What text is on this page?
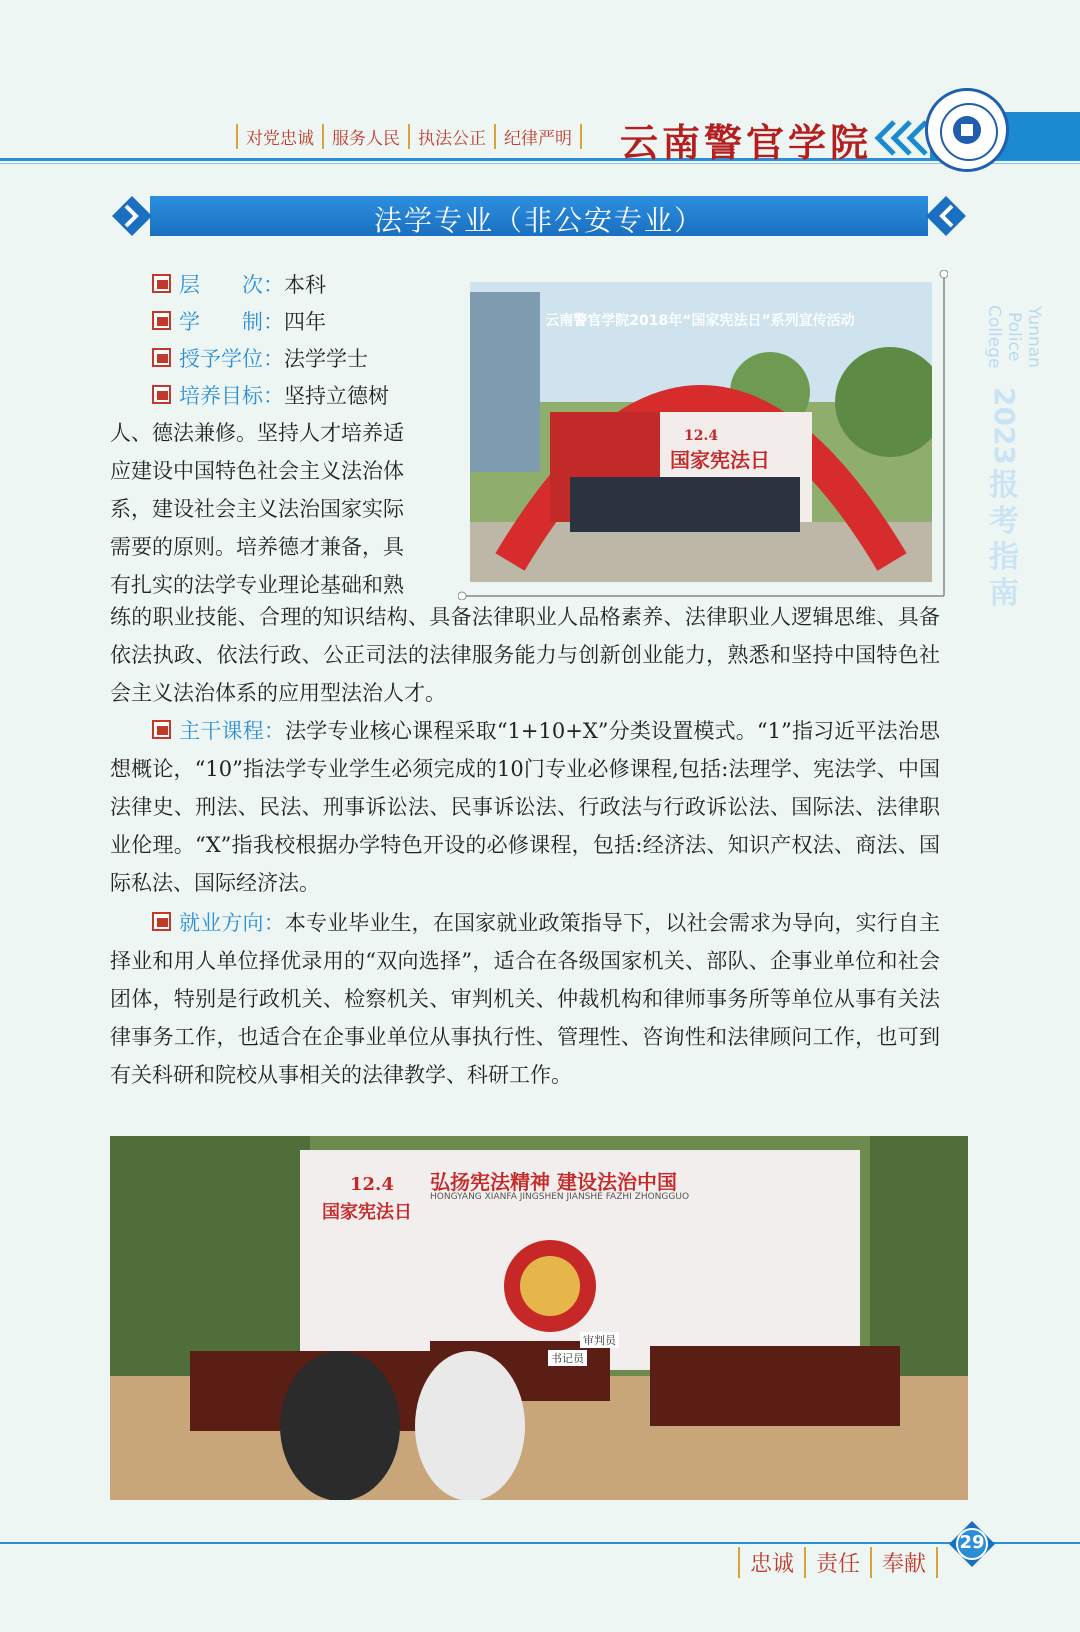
对党忠诚	服务人民	执法公正	纪律严明 云南警官学院
Yunnan Police College
2023
报
考
指
南
法学专业（非公安专业）
层　　次：本科
学　　制：四年
授予学位：法学学士
培养目标：坚持立德树
人、德法兼修。坚持人才培养适
应建设中国特色社会主义法治体
系，建设社会主义法治国家实际
需要的原则。培养德才兼备，具
有扎实的法学专业理论基础和熟
云南警官学院2018年“国家宪法日”系列宣传活动
12.4
国家宪法日
练的职业技能、合理的知识结构、具备法律职业人品格素养、法律职业人逻辑思维、具备依法执政、依法行政、公正司法的法律服务能力与创新创业能力，熟悉和坚持中国特色社会主义法治体系的应用型法治人才。
主干课程：法学专业核心课程采取“1+10+X”分类设置模式。“1”指习近平法治思想概论，“10”指法学专业学生必须完成的10门专业必修课程,包括:法理学、宪法学、中国法律史、刑法、民法、刑事诉讼法、民事诉讼法、行政法与行政诉讼法、国际法、法律职业伦理。“X”指我校根据办学特色开设的必修课程，包括:经济法、知识产权法、商法、国际私法、国际经济法。
就业方向：本专业毕业生，在国家就业政策指导下，以社会需求为导向，实行自主择业和用人单位择优录用的“双向选择”，适合在各级国家机关、部队、企事业单位和社会团体，特别是行政机关、检察机关、审判机关、仲裁机构和律师事务所等单位从事有关法律事务工作，也适合在企事业单位从事执行性、管理性、咨询性和法律顾问工作，也可到有关科研和院校从事相关的法律教学、科研工作。
弘扬宪法精神 建设法治中国
HONGYANG XIANFA JINGSHEN JIANSHE FAZHI ZHONGGUO
12.4
国家宪法日
审判员
书记员
忠诚	责任	奉献
29
